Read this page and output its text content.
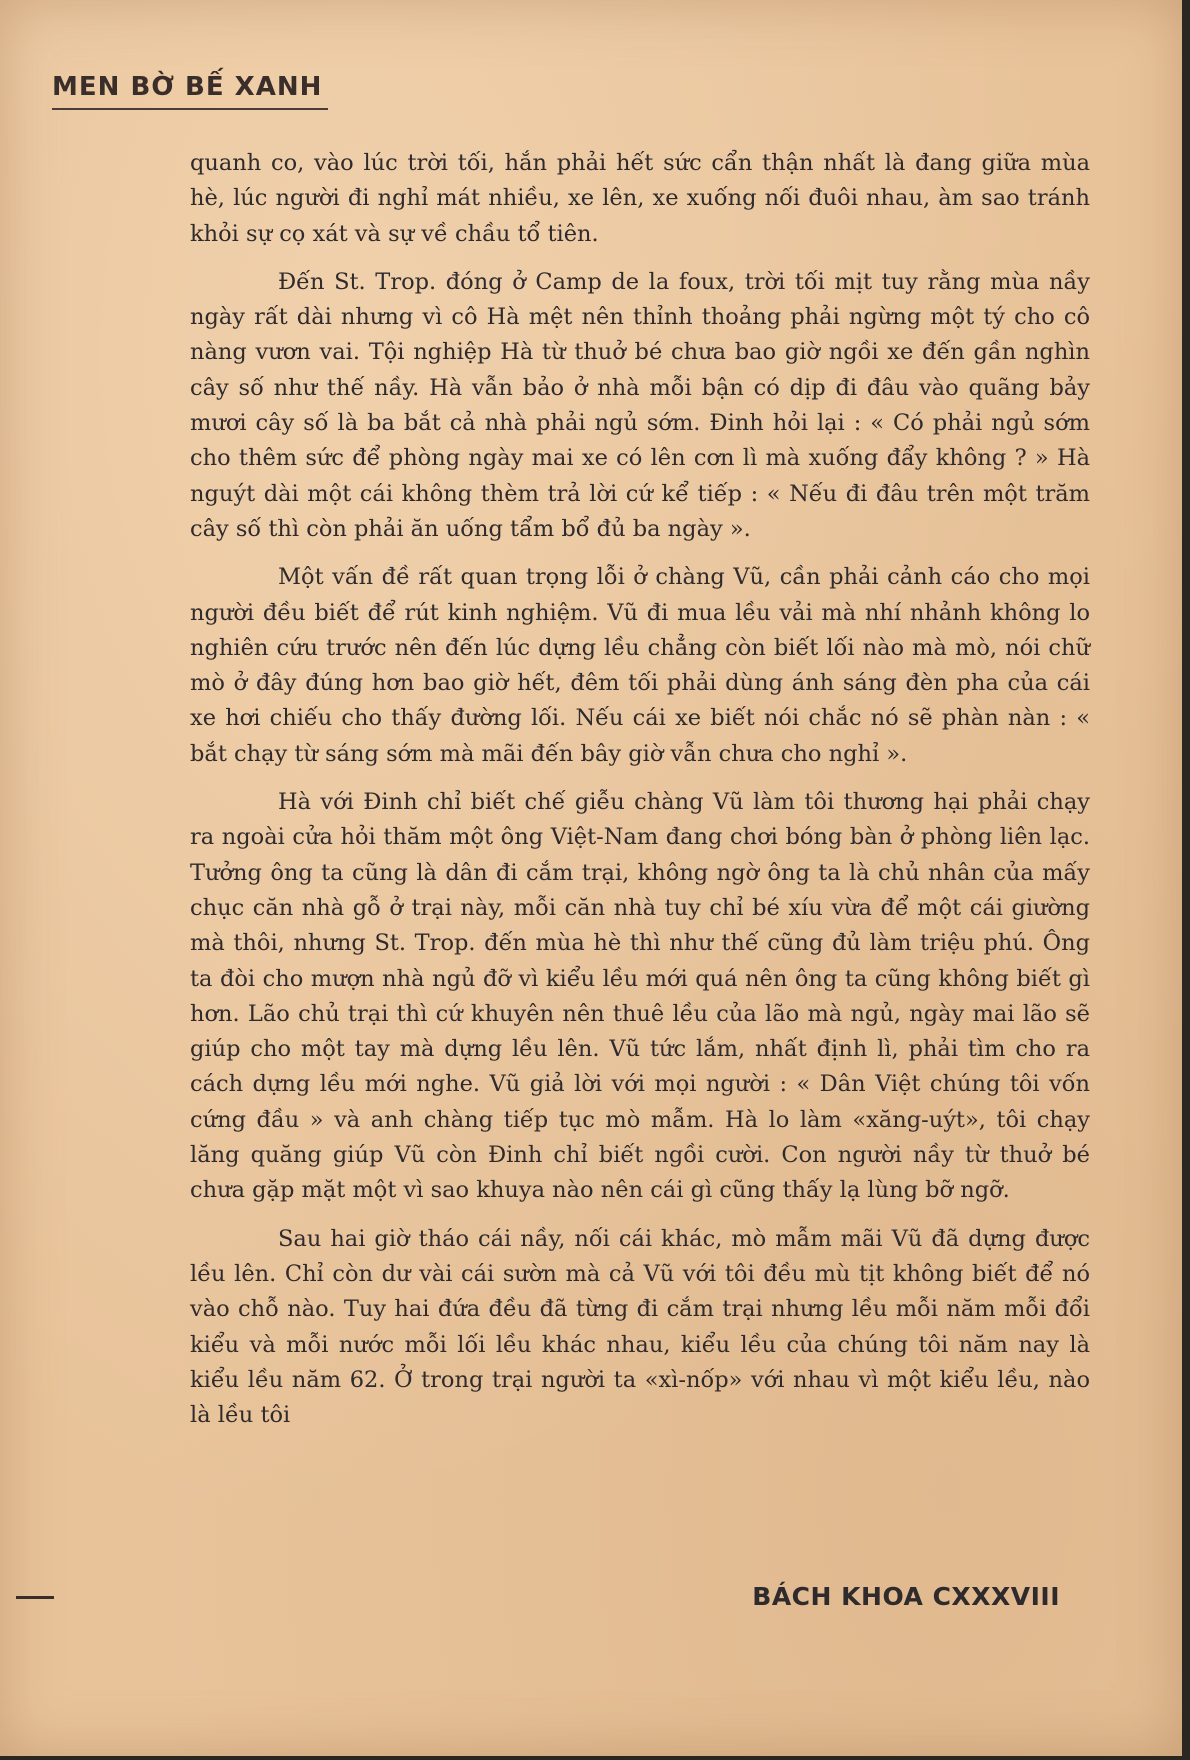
MEN BỜ BẾ XANH

quanh co, vào lúc trời tối, hắn phải hết sức cẩn thận nhất là đang giữa mùa hè, lúc người đi nghỉ mát nhiều, xe lên, xe xuống nối đuôi nhau, àm sao tránh khỏi sự cọ xát và sự về chầu tổ tiên.

Đến St. Trop. đóng ở Camp de la foux, trời tối mịt tuy rằng mùa nầy ngày rất dài nhưng vì cô Hà mệt nên thỉnh thoảng phải ngừng một tý cho cô nàng vươn vai. Tội nghiệp Hà từ thuở bé chưa bao giờ ngồi xe đến gần nghìn cây số như thế nầy. Hà vẫn bảo ở nhà mỗi bận có dịp đi đâu vào quãng bảy mươi cây số là ba bắt cả nhà phải ngủ sớm. Đinh hỏi lại : « Có phải ngủ sớm cho thêm sức để phòng ngày mai xe có lên cơn lì mà xuống đẩy không ? » Hà nguýt dài một cái không thèm trả lời cứ kể tiếp : « Nếu đi đâu trên một trăm cây số thì còn phải ăn uống tẩm bổ đủ ba ngày ».

Một vấn đề rất quan trọng lỗi ở chàng Vũ, cần phải cảnh cáo cho mọi người đều biết để rút kinh nghiệm. Vũ đi mua lều vải mà nhí nhảnh không lo nghiên cứu trước nên đến lúc dựng lều chẳng còn biết lối nào mà mò, nói chữ mò ở đây đúng hơn bao giờ hết, đêm tối phải dùng ánh sáng đèn pha của cái xe hơi chiếu cho thấy đường lối. Nếu cái xe biết nói chắc nó sẽ phàn nàn : « bắt chạy từ sáng sớm mà mãi đến bây giờ vẫn chưa cho nghỉ ».

Hà với Đinh chỉ biết chế giễu chàng Vũ làm tôi thương hại phải chạy ra ngoài cửa hỏi thăm một ông Việt-Nam đang chơi bóng bàn ở phòng liên lạc. Tưởng ông ta cũng là dân đi cắm trại, không ngờ ông ta là chủ nhân của mấy chục căn nhà gỗ ở trại này, mỗi căn nhà tuy chỉ bé xíu vừa để một cái giường mà thôi, nhưng St. Trop. đến mùa hè thì như thế cũng đủ làm triệu phú. Ông ta đòi cho mượn nhà ngủ đỡ vì kiểu lều mới quá nên ông ta cũng không biết gì hơn. Lão chủ trại thì cứ khuyên nên thuê lều của lão mà ngủ, ngày mai lão sẽ giúp cho một tay mà dựng lều lên. Vũ tức lắm, nhất định lì, phải tìm cho ra cách dựng lều mới nghe. Vũ giả lời với mọi người : « Dân Việt chúng tôi vốn cứng đầu » và anh chàng tiếp tục mò mẫm. Hà lo làm «xăng-uýt», tôi chạy lăng quăng giúp Vũ còn Đinh chỉ biết ngồi cười. Con người nầy từ thuở bé chưa gặp mặt một vì sao khuya nào nên cái gì cũng thấy lạ lùng bỡ ngỡ.

Sau hai giờ tháo cái nầy, nối cái khác, mò mẫm mãi Vũ đã dựng được lều lên. Chỉ còn dư vài cái sườn mà cả Vũ với tôi đều mù tịt không biết để nó vào chỗ nào. Tuy hai đứa đều đã từng đi cắm trại nhưng lều mỗi năm mỗi đổi kiểu và mỗi nước mỗi lối lều khác nhau, kiểu lều của chúng tôi năm nay là kiểu lều năm 62. Ở trong trại người ta «xì-nốp» với nhau vì một kiểu lều, nào là lều tôi

BÁCH KHOA CXXXVIII
